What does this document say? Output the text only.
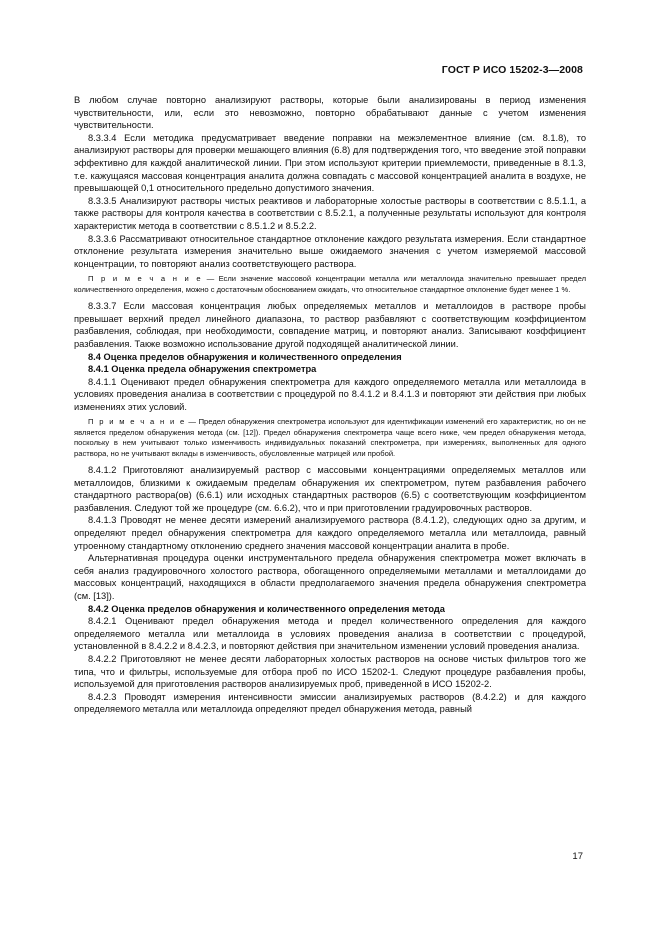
ГОСТ Р ИСО 15202-3—2008

В любом случае повторно анализируют растворы, которые были анализированы в период изменения чувствительности, или, если это невозможно, повторно обрабатывают данные с учетом изменения чувствительности.

8.3.3.4 Если методика предусматривает введение поправки на межэлементное влияние (см. 8.1.8), то анализируют растворы для проверки мешающего влияния (6.8) для подтверждения того, что введение этой поправки эффективно для каждой аналитической линии. При этом используют критерии приемлемости, приведенные в 8.1.3, т.е. кажущаяся массовая концентрация аналита должна совпадать с массовой концентрацией аналита в воздухе, не превышающей 0,1 относительного предельно допустимого значения.

8.3.3.5 Анализируют растворы чистых реактивов и лабораторные холостые растворы в соответствии с 8.5.1.1, а также растворы для контроля качества в соответствии с 8.5.2.1, а полученные результаты используют для контроля характеристик метода в соответствии с 8.5.1.2 и 8.5.2.2.

8.3.3.6 Рассматривают относительное стандартное отклонение каждого результата измерения. Если стандартное отклонение результата измерения значительно выше ожидаемого значения с учетом измеряемой массовой концентрации, то повторяют анализ соответствующего раствора.

П р и м е ч а н и е — Если значение массовой концентрации металла или металлоида значительно превышает предел количественного определения, можно с достаточным обоснованием ожидать, что относительное стандартное отклонение будет менее 1 %.

8.3.3.7 Если массовая концентрация любых определяемых металлов и металлоидов в растворе пробы превышает верхний предел линейного диапазона, то раствор разбавляют с соответствующим коэффициентом разбавления, соблюдая, при необходимости, совпадение матриц, и повторяют анализ. Записывают коэффициент разбавления. Также возможно использование другой подходящей аналитической линии.

8.4 Оценка пределов обнаружения и количественного определения

8.4.1 Оценка предела обнаружения спектрометра

8.4.1.1 Оценивают предел обнаружения спектрометра для каждого определяемого металла или металлоида в условиях проведения анализа в соответствии с процедурой по 8.4.1.2 и 8.4.1.3 и повторяют эти действия при любых изменениях этих условий.

П р и м е ч а н и е — Предел обнаружения спектрометра используют для идентификации изменений его характеристик, но он не является пределом обнаружения метода (см. [12]). Предел обнаружения спектрометра чаще всего ниже, чем предел обнаружения метода, поскольку в нем учитывают только изменчивость индивидуальных показаний спектрометра, при измерениях, выполненных для одного раствора, но не учитывают вклады в изменчивость, обусловленные матрицей или пробой.

8.4.1.2 Приготовляют анализируемый раствор с массовыми концентрациями определяемых металлов или металлоидов, близкими к ожидаемым пределам обнаружения их спектрометром, путем разбавления рабочего стандартного раствора(ов) (6.6.1) или исходных стандартных растворов (6.5) с соответствующим коэффициентом разбавления. Следуют той же процедуре (см. 6.6.2), что и при приготовлении градуировочных растворов.

8.4.1.3 Проводят не менее десяти измерений анализируемого раствора (8.4.1.2), следующих одно за другим, и определяют предел обнаружения спектрометра для каждого определяемого металла или металлоида, равный утроенному стандартному отклонению среднего значения массовой концентрации аналита в пробе.

Альтернативная процедура оценки инструментального предела обнаружения спектрометра может включать в себя анализ градуировочного холостого раствора, обогащенного определяемыми металлами и металлоидами до массовых концентраций, находящихся в области предполагаемого значения предела обнаружения спектрометра (см. [13]).

8.4.2 Оценка пределов обнаружения и количественного определения метода

8.4.2.1 Оценивают предел обнаружения метода и предел количественного определения для каждого определяемого металла или металлоида в условиях проведения анализа в соответствии с процедурой, установленной в 8.4.2.2 и 8.4.2.3, и повторяют действия при значительном изменении условий проведения анализа.

8.4.2.2 Приготовляют не менее десяти лабораторных холостых растворов на основе чистых фильтров того же типа, что и фильтры, используемые для отбора проб по ИСО 15202-1. Следуют процедуре разбавления пробы, используемой для приготовления растворов анализируемых проб, приведенной в ИСО 15202-2.

8.4.2.3 Проводят измерения интенсивности эмиссии анализируемых растворов (8.4.2.2) и для каждого определяемого металла или металлоида определяют предел обнаружения метода, равный

17
